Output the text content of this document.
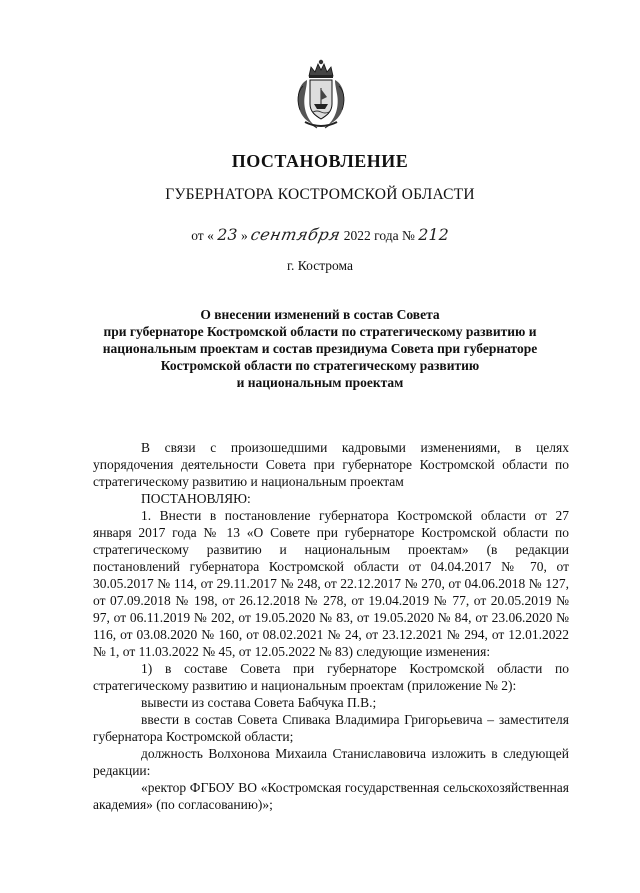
ПОСТАНОВЛЕНИЕ
ГУБЕРНАТОРА КОСТРОМСКОЙ ОБЛАСТИ
от « 23 » сентября 2022 года № 212
г. Кострома
О внесении изменений в состав Совета
при губернаторе Костромской области по стратегическому развитию и
национальным проектам и состав президиума Совета при губернаторе
Костромской области по стратегическому развитию
и национальным проектам

В связи с произошедшими кадровыми изменениями, в целях упорядочения деятельности Совета при губернаторе Костромской области по стратегическому развитию и национальным проектам

ПОСТАНОВЛЯЮ:

1. Внести в постановление губернатора Костромской области от 27 января 2017 года № 13 «О Совете при губернаторе Костромской области по стратегическому развитию и национальным проектам» (в редакции постановлений губернатора Костромской области от 04.04.2017 № 70, от 30.05.2017 № 114, от 29.11.2017 № 248, от 22.12.2017 № 270, от 04.06.2018 № 127, от 07.09.2018 № 198, от 26.12.2018 № 278, от 19.04.2019 № 77, от 20.05.2019 № 97, от 06.11.2019 № 202, от 19.05.2020 № 83, от 19.05.2020 № 84, от 23.06.2020 № 116, от 03.08.2020 № 160, от 08.02.2021 № 24, от 23.12.2021 № 294, от 12.01.2022 № 1, от 11.03.2022 № 45, от 12.05.2022 № 83) следующие изменения:

1) в составе Совета при губернаторе Костромской области по стратегическому развитию и национальным проектам (приложение № 2):

вывести из состава Совета Бабчука П.В.;

ввести в состав Совета Спивака Владимира Григорьевича – заместителя губернатора Костромской области;

должность Волхонова Михаила Станиславовича изложить в следующей редакции:

«ректор ФГБОУ ВО «Костромская государственная сельскохозяйственная академия» (по согласованию)»;
